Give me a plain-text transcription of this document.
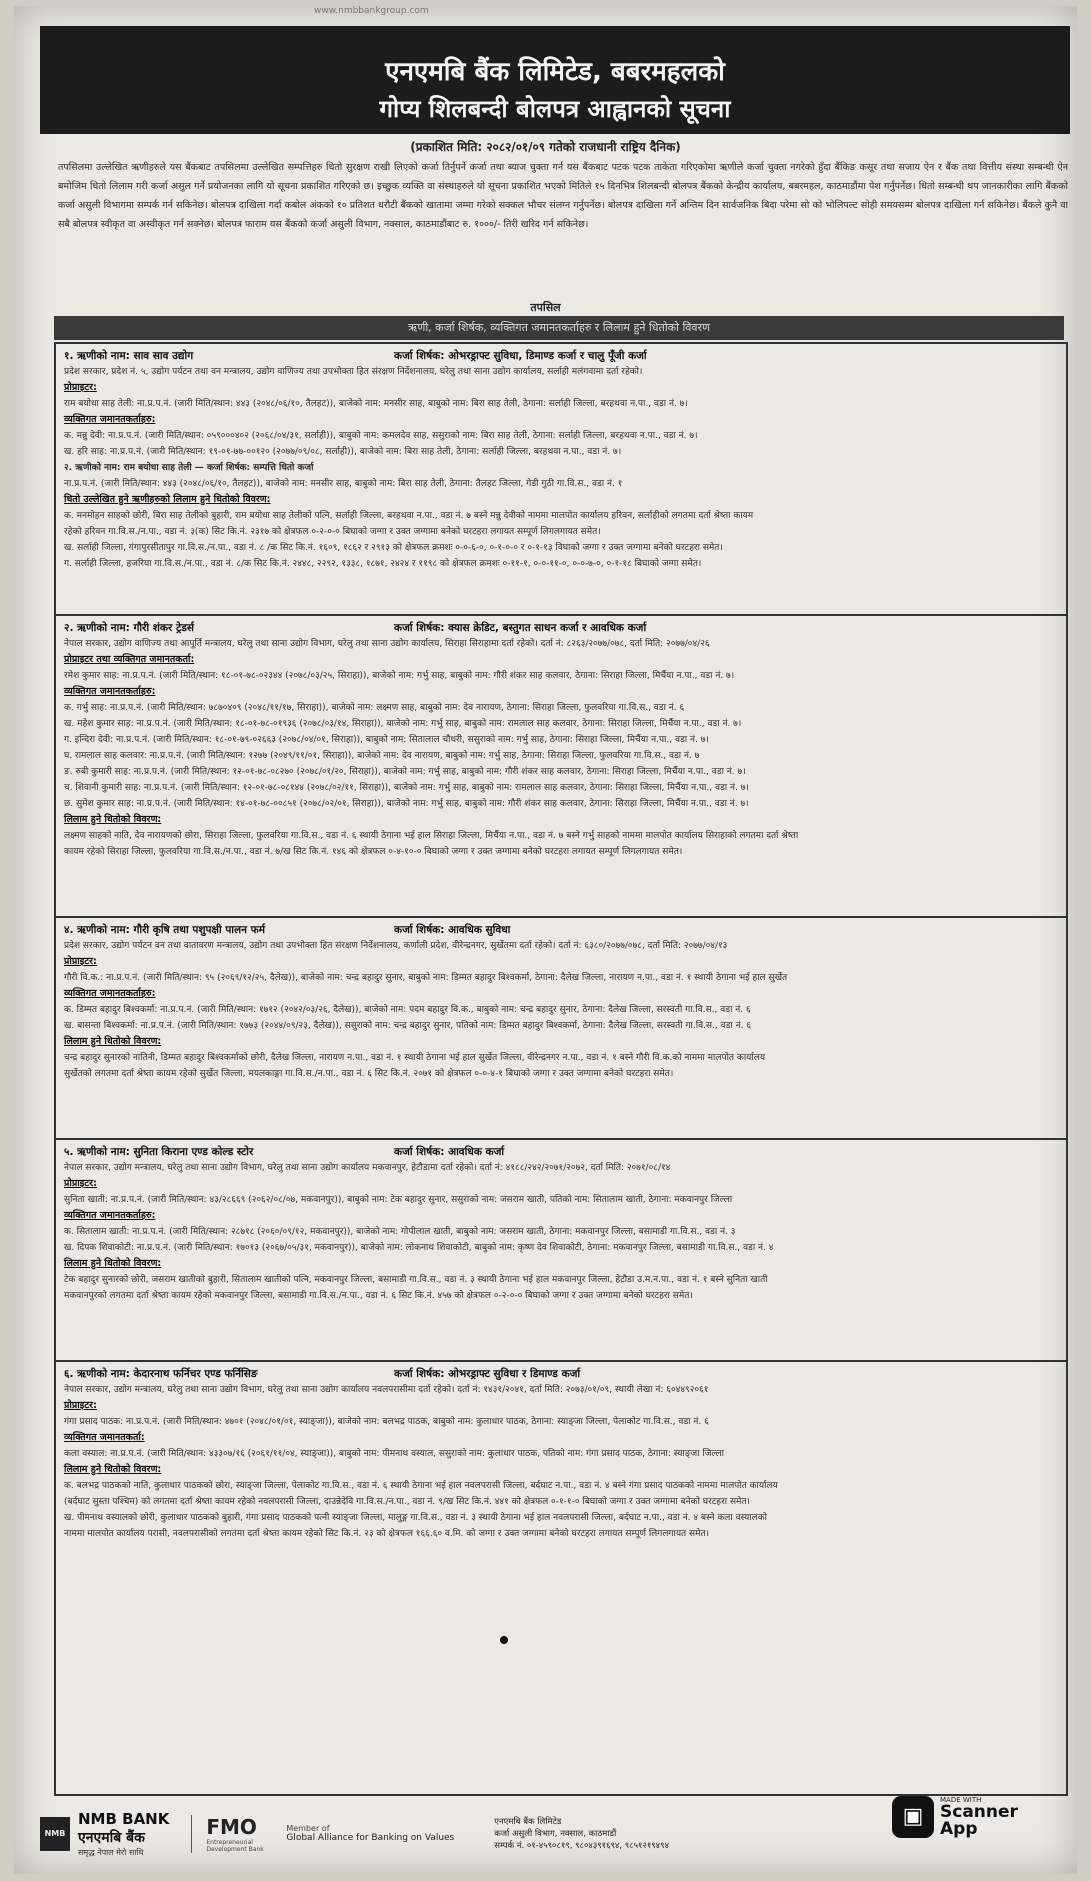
www.nmbbankgroup.com
एनएमबि बैंक लिमिटेड, बबरमहलको
गोप्य शिलबन्दी बोलपत्र आह्वानको सूचना
(प्रकाशित मिति: २०८२/०१/०९ गतेको राजधानी राष्ट्रिय दैनिक)
तपसिलमा उल्लेखित ऋणीहरुले यस बैंकबाट तपसिलमा उल्लेखित सम्पत्तिहरु धितो सुरक्षण राखी लिएको कर्जा तिर्नुपर्ने कर्जा तथा ब्याज चुक्ता गर्न यस बैंकबाट पटक पटक ताकेता गरिएकोमा ऋणीले कर्जा चुक्ता नगरेको हुँदा बैंकिङ कसूर तथा सजाय ऐन र बैंक तथा वित्तीय संस्था सम्बन्धी ऐन बमोजिम धितो लिलाम गरी कर्जा असुल गर्ने प्रयोजनका लागि यो सूचना प्रकाशित गरिएको छ। इच्छुक व्यक्ति वा संस्थाहरुले यो सूचना प्रकाशित भएको मितिले १५ दिनभित्र शिलबन्दी बोलपत्र बैंकको केन्द्रीय कार्यालय, बबरमहल, काठमाडौंमा पेश गर्नुपर्नेछ। धितो सम्बन्धी थप जानकारीका लागि बैंकको कर्जा असुली विभागमा सम्पर्क गर्न सकिनेछ। बोलपत्र दाखिला गर्दा कबोल अंकको १० प्रतिशत धरौटी बैंकको खातामा जम्मा गरेको सक्कल भौचर संलग्न गर्नुपर्नेछ। बोलपत्र दाखिला गर्ने अन्तिम दिन सार्वजनिक बिदा परेमा सो को भोलिपल्ट सोही समयसम्म बोलपत्र दाखिला गर्न सकिनेछ। बैंकले कुनै वा सबै बोलपत्र स्वीकृत वा अस्वीकृत गर्न सक्नेछ। बोलपत्र फाराम यस बैंकको कर्जा असुली विभाग, नक्साल, काठमाडौंबाट रु. १०००/- तिरी खरिद गर्न सकिनेछ।
तपसिल
ऋणी, कर्जा शिर्षक, व्यक्तिगत जमानतकर्ताहरु र लिलाम हुने धितोको विवरण
१. ऋणीको नाम: साव साव उद्योग	कर्जा शिर्षक: ओभरड्राफ्ट सुविधा, डिमाण्ड कर्जा र चालु पूँजी कर्जा
प्रदेश सरकार, प्रदेश नं. ५, उद्योग पर्यटन तथा वन मन्त्रालय, उद्योग वाणिज्य तथा उपभोक्ता हित संरक्षण निर्देशनालय, घरेलु तथा साना उद्योग कार्यालय, सर्लाही मलंगवामा दर्ता रहेको।
प्रोप्राइटर:
राम बयोधा साह तेली: ना.प्र.प.नं. (जारी मिति/स्थान: ४४३ (२०४८/०६/१०, तैलहट)), बाजेको नाम: मनसीर साह, बाबुको नाम: बिरा साह तेली, ठेगाना: सर्लाही जिल्ला, बरहथवा न.पा., वडा नं. ७।
व्यक्तिगत जमानतकर्ताहरु:
क. मन्नु देवी: ना.प्र.प.नं. (जारी मिति/स्थान: ०५९०००४०२ (२०६८/०४/३१, सर्लाही)), बाबुको नाम: कमलदेव साह, ससुराको नाम: बिरा साह तेली, ठेगाना: सर्लाही जिल्ला, बरहथवा न.पा., वडा नं. ७।
ख. हरि साह: ना.प्र.प.नं. (जारी मिति/स्थान: १९-०१-७७-००१२० (२०७७/०९/०८, सर्लाही)), बाजेको नाम: बिरा साह तेली, ठेगाना: सर्लाही जिल्ला, बरहथवा न.पा., वडा नं. ७।
२. ऋणीको नाम: राम बयोधा साह तेली — कर्जा शिर्षक: सम्पत्ति धितो कर्जा
ना.प्र.प.नं. (जारी मिति/स्थान: ४४३ (२०४८/०६/१०, तैलहट)), बाजेको नाम: मनसीर साह, बाबुको नाम: बिरा साह तेली, ठेगाना: तैलहट जिल्ला, गेडी गुठी गा.वि.स., वडा नं. १
धितो उल्लेखित हुने ऋणीहरुको लिलाम हुने धितोको विवरण:
क. मनमोहन साहको छोरी, बिरा साह तेलीको बुहारी, राम बयोधा साह तेलीको पत्नि, सर्लाही जिल्ला, बरहथवा न.पा., वडा नं. ७ बस्ने मन्नु देवीको नाममा मालपोत कार्यालय हरिवन, सर्लाहीको लगतमा दर्ता श्रेष्ता कायम
रहेको हरिवन गा.वि.स./न.पा., वडा नं. ३(क) सिट कि.नं. २३१७ को क्षेत्रफल ०-२-०-० बिघाको जग्गा र उक्त जग्गामा बनेको घरटहरा लगायत सम्पूर्ण लिगलगायत समेत।
ख. सर्लाही जिल्ला, गंगापुरसीतापुर गा.वि.स./न.पा., वडा नं. ८ /क सिट कि.नं. १६०९, १८६२ र २९१३ को क्षेत्रफल क्रमशः ०-०-६-०, ०-१-०-० र ०-१-१३ विघाको जग्गा र उक्त जग्गामा बनेको घरटहरा समेत।
ग. सर्लाही जिल्ला, हजरिया गा.वि.स./न.पा., वडा नं. ८/क सिट कि.नं. २४४८, २२९२, १३३८, १८७१, २४२४ र ११९८ को क्षेत्रफल क्रमशः ०-११-१, ०-०-११-०, ०-०-७-०, ०-१-१८ बिघाको जग्गा समेत।
२. ऋणीको नाम: गौरी शंकर ट्रेडर्स	कर्जा शिर्षक: क्यास क्रेडिट, बस्तुगत साधन कर्जा र आवधिक कर्जा
नेपाल सरकार, उद्योग वाणिज्य तथा आपूर्ति मन्त्रालय, घरेलु तथा साना उद्योग विभाग, घरेलु तथा साना उद्योग कार्यालय, सिराहा सिराहामा दर्ता रहेको। दर्ता नं: ८२६३/२०७७/०७८, दर्ता मिति: २०७७/०४/२६
प्रोप्राइटर तथा व्यक्तिगत जमानतकर्ता:
रमेश कुमार साह: ना.प्र.प.नं. (जारी मिति/स्थान: १८-०१-७८-०२३४४ (२०७८/०३/२५, सिराहा)), बाजेको नाम: गर्भु साह, बाबुको नाम: गौरी शंकर साह कलवार, ठेगाना: सिराहा जिल्ला, मिर्चैया न.पा., वडा नं. ७।
व्यक्तिगत जमानतकर्ताहरु:
क. गर्भु साह: ना.प्र.प.नं. (जारी मिति/स्थान: ७८७०४०९ (२०४८/११/१७, सिराहा)), बाजेको नाम: लक्ष्मण साह, बाबुको नाम: देव नारायण, ठेगाना: सिराहा जिल्ला, फुलवरिया गा.वि.स., वडा नं. ६
ख. महेश कुमार साह: ना.प्र.प.नं. (जारी मिति/स्थान: १८-०१-७८-०१९३६ (२०७८/०३/१४, सिराहा)), बाजेको नाम: गर्भु साह, बाबुको नाम: रामलाल साह कलवार, ठेगाना: सिराहा जिल्ला, मिर्चैया न.पा., वडा नं. ७।
ग. इन्दिरा देवी: ना.प्र.प.नं. (जारी मिति/स्थान: १८-०१-७९-०२६६३ (२०७८/०४/०१, सिराहा)), बाबुको नाम: सितालाल चौधरी, ससुराको नाम: गर्भु साह, ठेगाना: सिराहा जिल्ला, मिर्चैया न.पा., वडा नं. ७।
घ. रामलाल साह कलवार: ना.प्र.प.नं. (जारी मिति/स्थान: १२७७ (२०४९/११/०१, सिराहा)), बाजेको नाम: देव नारायण, बाबुको नाम: गर्भु साह, ठेगाना: सिराहा जिल्ला, फुलवरिया गा.वि.स., वडा नं. ७
ङ. रुबी कुमारी साह: ना.प्र.प.नं. (जारी मिति/स्थान: १२-०१-७८-०८२७० (२०७८/०१/२०, सिराहा)), बाजेको नाम: गर्भु साह, बाबुको नाम: गौरी शंकर साह कलवार, ठेगाना: सिराहा जिल्ला, मिर्चैया न.पा., वडा नं. ७।
च. शिवानी कुमारी साह: ना.प्र.प.नं. (जारी मिति/स्थान: १२-०१-७८-०८१४४ (२०७८/०२/११, सिराहा)), बाजेको नाम: गर्भु साह, बाबुको नाम: रामलाल साह कलवार, ठेगाना: सिराहा जिल्ला, मिर्चैया न.पा., वडा नं. ७।
छ. सुमेश कुमार साह: ना.प्र.प.नं. (जारी मिति/स्थान: १४-०१-७८-००८५१ (२०७८/०२/०१, सिराहा)), बाजेको नाम: गर्भु साह, बाबुको नाम: गौरी शंकर साह कलवार, ठेगाना: सिराहा जिल्ला, मिर्चैया न.पा., वडा नं. ७।
लिलाम हुने धितोको विवरण:
लक्ष्मण साहको नाति, देव नारायणको छोरा, सिराहा जिल्ला, फुलवरिया गा.वि.स., वडा नं. ६ स्थायी ठेगाना भई हाल सिराहा जिल्ला, मिर्चैया न.पा., वडा नं. ७ बस्ने गर्भु साहको नाममा मालपोत कार्यालय सिराहाको लगतमा दर्ता श्रेष्ता
कायम रहेको सिराहा जिल्ला, फुलवरिया गा.वि.स./न.पा., वडा नं. ७/ख सिट कि.नं. १४६ को क्षेत्रफल ०-४-१०-० बिघाको जग्गा र उक्त जग्गामा बनेको घरटहरा लगायत सम्पूर्ण लिगलगायत समेत।
४. ऋणीको नाम: गौरी कृषि तथा पशुपक्षी पालन फर्म	कर्जा शिर्षक: आवधिक सुविधा
प्रदेश सरकार, उद्योग पर्यटन वन तथा वातावरण मन्त्रालय, उद्योग तथा उपभोक्ता हित संरक्षण निर्देशनालय, कर्णाली प्रदेश, वीरेन्द्रनगर, सुर्खेतमा दर्ता रहेको। दर्ता नं: ६३८०/२०७७/०७८, दर्ता मिति: २०७७/०४/१३
प्रोप्राइटर:
गौरी वि.क.: ना.प्र.प.नं. (जारी मिति/स्थान: ९५ (२०६९/१२/२५, दैलेख)), बाजेको नाम: चन्द्र बहादुर सुनार, बाबुको नाम: डिम्मत बहादुर बिश्वकर्मा, ठेगाना: दैलेख जिल्ला, नारायण न.पा., वडा नं. १ स्थायी ठेगाना भई हाल सुर्खेत
व्यक्तिगत जमानतकर्ताहरु:
क. डिम्मत बहादुर बिश्वकर्मा: ना.प्र.प.नं. (जारी मिति/स्थान: १७१२ (२०४२/०३/२६, दैलेख)), बाजेको नाम: पदम बहादुर वि.क., बाबुको नाम: चन्द्र बहादुर सुनार, ठेगाना: दैलेख जिल्ला, सरस्वती गा.वि.स., वडा नं. ६
ख. बासन्ता बिश्वकर्मा: ना.प्र.प.नं. (जारी मिति/स्थान: १७७३ (२०४४/०९/२३, दैलेख)), ससुराको नाम: चन्द्र बहादुर सुनार, पतिको नाम: डिम्मत बहादुर बिश्वकर्मा, ठेगाना: दैलेख जिल्ला, सरस्वती गा.वि.स., वडा नं. ६
लिलाम हुने धितोको विवरण:
चन्द्र बहादुर सुनारको नातिनी, डिम्मत बहादुर बिश्वकर्माको छोरी, दैलेख जिल्ला, नारायण न.पा., वडा नं. १ स्थायी ठेगाना भई हाल सुर्खेत जिल्ला, वीरेन्द्रनगर न.पा., वडा नं. १ बस्ने गौरी वि.क.को नाममा मालपोत कार्यालय
सुर्खेतको लगतमा दर्ता श्रेष्ता कायम रहेको सुर्खेत जिल्ला, मयलकाङ्गा गा.वि.स./न.पा., वडा नं. ६ सिट कि.नं. २०७१ को क्षेत्रफल ०-०-४-१ बिघाको जग्गा र उक्त जग्गामा बनेको घरटहरा समेत।
५. ऋणीको नाम: सुनिता किराना एण्ड कोल्ड स्टोर	कर्जा शिर्षक: आवधिक कर्जा
नेपाल सरकार, उद्योग मन्त्रालय, घरेलु तथा साना उद्योग विभाग, घरेलु तथा साना उद्योग कार्यालय मकवानपुर, हेटौडामा दर्ता रहेको। दर्ता नं: ४१८८/२४२/२०७१/२०७२, दर्ता मिति: २०७१/०८/१४
प्रोप्राइटर:
सुनिता खाती: ना.प्र.प.नं. (जारी मिति/स्थान: ४३/२८६६९ (२०६२/०८/०७, मकवानपुर)), बाबुको नाम: टेक बहादुर सुनार, ससुराको नाम: जसराम खाती, पतिको नाम: सितालाम खाती, ठेगाना: मकवानपुर जिल्ला
व्यक्तिगत जमानतकर्ताहरु:
क. सितालाम खाती: ना.प्र.प.नं. (जारी मिति/स्थान: २८७१८ (२०६०/०९/१२, मकवानपुर)), बाजेको नाम: गोपीलाल खाती, बाबुको नाम: जसराम खाती, ठेगाना: मकवानपुर जिल्ला, बसामाडी गा.वि.स., वडा नं. ३
ख. दिपक शिवाकोटी: ना.प्र.प.नं. (जारी मिति/स्थान: १७०१३ (२०६७/०५/३१, मकवानपुर)), बाजेको नाम: लोकनाथ शिवाकोटी, बाबुको नाम: कृष्ण देव शिवाकोटी, ठेगाना: मकवानपुर जिल्ला, बसामाडी गा.वि.स., वडा नं. ४
लिलाम हुने धितोको विवरण:
टेक बहादुर सुनारको छोरी, जसराम खातीको बुहारी, सितालाम खातीको पत्नि, मकवानपुर जिल्ला, बसामाडी गा.वि.स., वडा नं. ३ स्थायी ठेगाना भई हाल मकवानपुर जिल्ला, हेटौडा उ.म.न.पा., वडा नं. १ बस्ने सुनिता खाती
मकवानपुरको लगतमा दर्ता श्रेष्ता कायम रहेको मकवानपुर जिल्ला, बसामाडी गा.वि.स./न.पा., वडा नं. ६ सिट कि.नं. ४५७ को क्षेत्रफल ०-२-०-० बिघाको जग्गा र उक्त जग्गामा बनेको घरटहरा समेत।
६. ऋणीको नाम: केदारनाथ फर्निचर एण्ड फर्निसिङ	कर्जा शिर्षक: ओभरड्राफ्ट सुविधा र डिमाण्ड कर्जा
नेपाल सरकार, उद्योग मन्त्रालय, घरेलु तथा साना उद्योग विभाग, घरेलु तथा साना उद्योग कार्यालय नवलपरासीमा दर्ता रहेको। दर्ता नं: १४३१/२०४१, दर्ता मिति: २०७३/०१/०९, स्थायी लेखा नं: ६०४४९२०६१
प्रोप्राइटर:
गंगा प्रसाद पाठक: ना.प्र.प.नं. (जारी मिति/स्थान: ४७०१ (२०४८/०१/०१, स्याङ्जा)), बाजेको नाम: बलभद्र पाठक, बाबुको नाम: कुलाधार पाठक, ठेगाना: स्याङ्जा जिल्ला, पेलाकोट गा.वि.स., वडा नं. ६
व्यक्तिगत जमानतकर्ता:
कला वस्याल: ना.प्र.प.नं. (जारी मिति/स्थान: ४३३०७/१६ (२०६१/११/०४, स्याङ्जा)), बाबुको नाम: पीमनाथ वस्याल, ससुराको नाम: कुलाधार पाठक, पतिको नाम: गंगा प्रसाद पाठक, ठेगाना: स्याङ्जा जिल्ला
लिलाम हुने धितोको विवरण:
क. बलभद्र पाठकको नाति, कुलाधार पाठकको छोरा, स्याङ्जा जिल्ला, पेलाकोट गा.वि.स., वडा नं. ६ स्थायी ठेगाना भई हाल नवलपरासी जिल्ला, बर्दघाट न.पा., वडा नं. ४ बस्ने गंगा प्रसाद पाठकको नाममा मालपोत कार्यालय
(बर्दघाट सुस्ता पश्चिम) को लगतमा दर्ता श्रेष्ता कायम रहेको नवलपरासी जिल्ला, दाउन्नेदेवि गा.वि.स./न.पा., वडा नं. ९/ख सिट कि.नं. ४४१ को क्षेत्रफल ०-१-१-० बिघाको जग्गा र उक्त जग्गामा बनेको घरटहरा समेत।
ख. पीमनाथ वस्यालको छोरी, कुलाधार पाठकको बुहारी, गंगा प्रसाद पाठकको पत्नी स्याङ्जा जिल्ला, मालुङ्ग गा.वि.स., वडा नं. ३ स्थायी ठेगाना भई हाल नवलपरासी जिल्ला, बर्दघाट न.पा., वडा नं. ४ बस्ने कला वस्यालको
नाममा मालपोत कार्यालय परासी, नवलपरासीको लगतमा दर्ता श्रेष्ता कायम रहेको सिट कि.नं. २३ को क्षेत्रफल १६६.६० व.मि. को जग्गा र उक्त जग्गामा बनेको घरटहरा लगायत सम्पूर्ण लिगलगायत समेत।
NMB
NMB BANK
एनएमबि बैंक
समृद्ध नेपाल मेरो साथि
FMO
Entrepreneurial Development Bank
Member of
Global Alliance for Banking on Values
एनएमबि बैंक लिमिटेड
कर्जा असुली विभाग, नक्साल, काठमाडौं
सम्पर्क नं. ०१-४५९०८१९, ९८०४३९१६९४, ९८५१२१९४९४
▣
MADE WITH
Scanner
App
